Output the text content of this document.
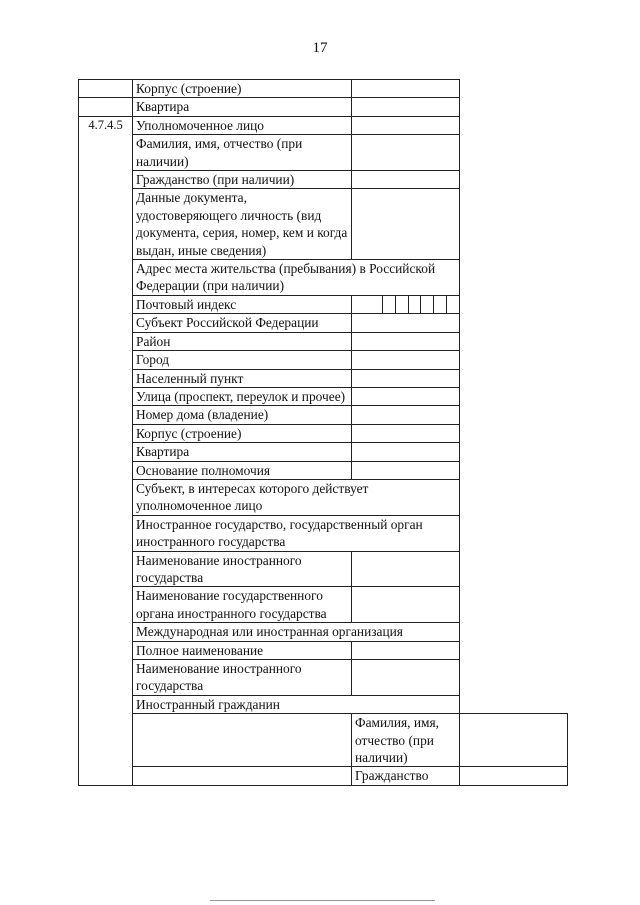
17
	Корпус (строение)		
	Квартира		
4.7.4.5	Уполномоченное лицо		
	Фамилия, имя, отчество (при наличии)		
	Гражданство (при наличии)		
	Данные документа, удостоверяющего личность (вид документа, серия, номер, кем и когда выдан, иные сведения)		
	Адрес места жительства (пребывания) в Российской Федерации (при наличии)		
	Почтовый индекс		

	Субъект Российской Федерации		
	Район		
	Город		
	Населенный пункт		
	Улица (проспект, переулок и прочее)		
	Номер дома (владение)		
	Корпус (строение)		
	Квартира		
	Основание полномочия		
	Субъект, в интересах которого действует уполномоченное лицо		
	Иностранное государство, государственный орган иностранного государства		
	Наименование иностранного государства		
	Наименование государственного органа иностранного государства		
	Международная или иностранная организация		
	Полное наименование		
	Наименование иностранного государства		
	Иностранный гражданин		
		Фамилия, имя, отчество (при наличии)	
		Гражданство	
